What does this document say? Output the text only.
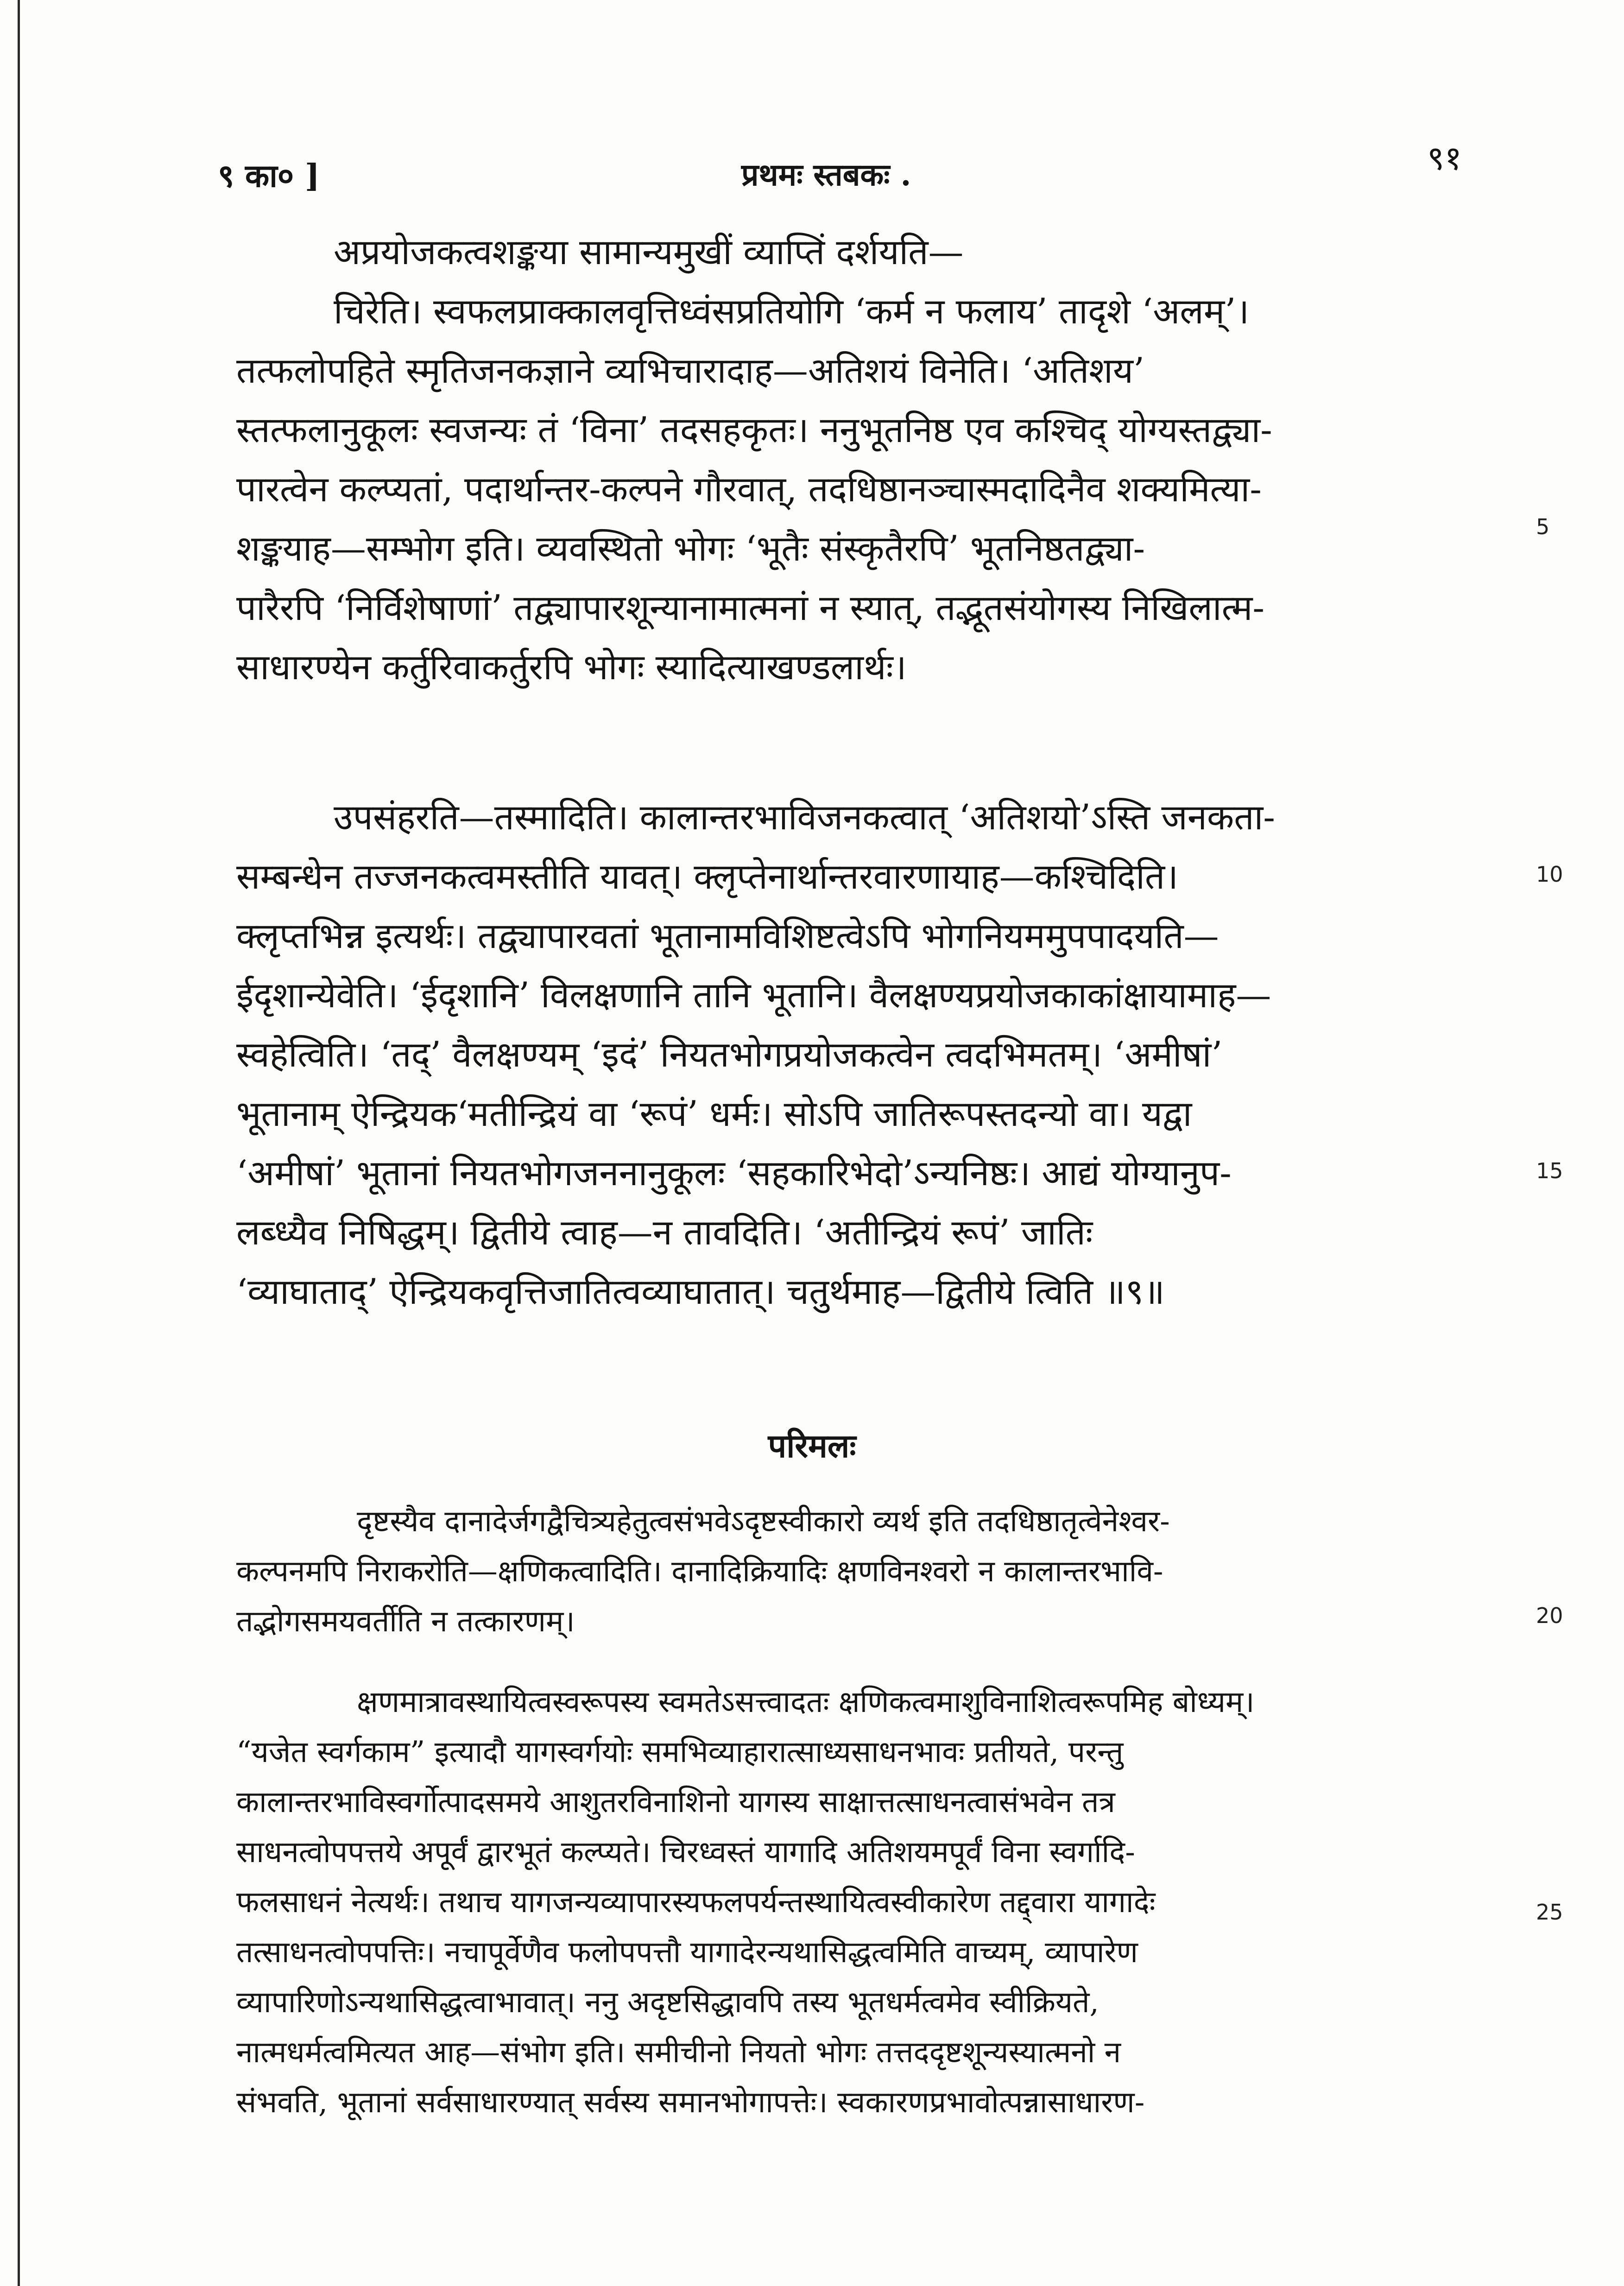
९ का० ]	प्रथमः स्तबकः .	९१
अप्रयोजकत्वशङ्कया सामान्यमुखीं व्याप्तिं दर्शयति—
चिरेति। स्वफलप्राक्कालवृत्तिध्वंसप्रतियोगि ‘कर्म न फलाय’ तादृशे ‘अलम्’।
तत्फलोपहिते स्मृतिजनकज्ञाने व्यभिचारादाह—अतिशयं विनेति। ‘अतिशय’
स्तत्फलानुकूलः स्वजन्यः तं ‘विना’ तदसहकृतः। ननुभूतनिष्ठ एव कश्चिद् योग्यस्तद्व्या-
पारत्वेन कल्प्यतां, पदार्थान्तर-कल्पने गौरवात्, तदधिष्ठानञ्चास्मदादिनैव शक्यमित्या-
शङ्कयाह—सम्भोग इति। व्यवस्थितो भोगः ‘भूतैः संस्कृतैरपि’ भूतनिष्ठतद्व्या-
पारैरपि ‘निर्विशेषाणां’ तद्व्यापारशून्यानामात्मनां न स्यात्, तद्भूतसंयोगस्य निखिलात्म-
साधारण्येन कर्तुरिवाकर्तुरपि भोगः स्यादित्याखण्डलार्थः।
उपसंहरति—तस्मादिति। कालान्तरभाविजनकत्वात् ‘अतिशयो’ऽस्ति जनकता-
सम्बन्धेन तज्जनकत्वमस्तीति यावत्। क्लृप्तेनार्थान्तरवारणायाह—कश्चिदिति।
क्लृप्तभिन्न इत्यर्थः। तद्व्यापारवतां भूतानामविशिष्टत्वेऽपि भोगनियममुपपादयति—
ईदृशान्येवेति। ‘ईदृशानि’ विलक्षणानि तानि भूतानि। वैलक्षण्यप्रयोजकाकांक्षायामाह—
स्वहेत्विति। ‘तद्’ वैलक्षण्यम् ‘इदं’ नियतभोगप्रयोजकत्वेन त्वदभिमतम्। ‘अमीषां’
भूतानाम् ऐन्द्रियक‘मतीन्द्रियं वा ‘रूपं’ धर्मः। सोऽपि जातिरूपस्तदन्यो वा। यद्वा
‘अमीषां’ भूतानां नियतभोगजननानुकूलः ‘सहकारिभेदो’ऽन्यनिष्ठः। आद्यं योग्यानुप-
लब्ध्यैव निषिद्धम्। द्वितीये त्वाह—न तावदिति। ‘अतीन्द्रियं रूपं’ जातिः
‘व्याघाताद्’ ऐन्द्रियकवृत्तिजातित्वव्याघातात्। चतुर्थमाह—द्वितीये त्विति ॥९॥
परिमलः
दृष्टस्यैव दानादेर्जगद्वैचित्र्यहेतुत्वसंभवेऽदृष्टस्वीकारो व्यर्थ इति तदधिष्ठातृत्वेनेश्वर-
कल्पनमपि निराकरोति—क्षणिकत्वादिति। दानादिक्रियादिः क्षणविनश्वरो न कालान्तरभावि-
तद्भोगसमयवर्तीति न तत्कारणम्।
क्षणमात्रावस्थायित्वस्वरूपस्य स्वमतेऽसत्त्वादतः क्षणिकत्वमाशुविनाशित्वरूपमिह बोध्यम्।
“यजेत स्वर्गकाम” इत्यादौ यागस्वर्गयोः समभिव्याहारात्साध्यसाधनभावः प्रतीयते, परन्तु
कालान्तरभाविस्वर्गोत्पादसमये आशुतरविनाशिनो यागस्य साक्षात्तत्साधनत्वासंभवेन तत्र
साधनत्वोपपत्तये अपूर्वं द्वारभूतं कल्प्यते। चिरध्वस्तं यागादि अतिशयमपूर्वं विना स्वर्गादि-
फलसाधनं नेत्यर्थः। तथाच यागजन्यव्यापारस्यफलपर्यन्तस्थायित्वस्वीकारेण तद्द्वारा यागादेः
तत्साधनत्वोपपत्तिः। नचापूर्वेणैव फलोपपत्तौ यागादेरन्यथासिद्धत्वमिति वाच्यम्, व्यापारेण
व्यापारिणोऽन्यथासिद्धत्वाभावात्। ननु अदृष्टसिद्धावपि तस्य भूतधर्मत्वमेव स्वीक्रियते,
नात्मधर्मत्वमित्यत आह—संभोग इति। समीचीनो नियतो भोगः तत्तददृष्टशून्यस्यात्मनो न
संभवति, भूतानां सर्वसाधारण्यात् सर्वस्य समानभोगापत्तेः। स्वकारणप्रभावोत्पन्नासाधारण-
5
10
15
20
25
